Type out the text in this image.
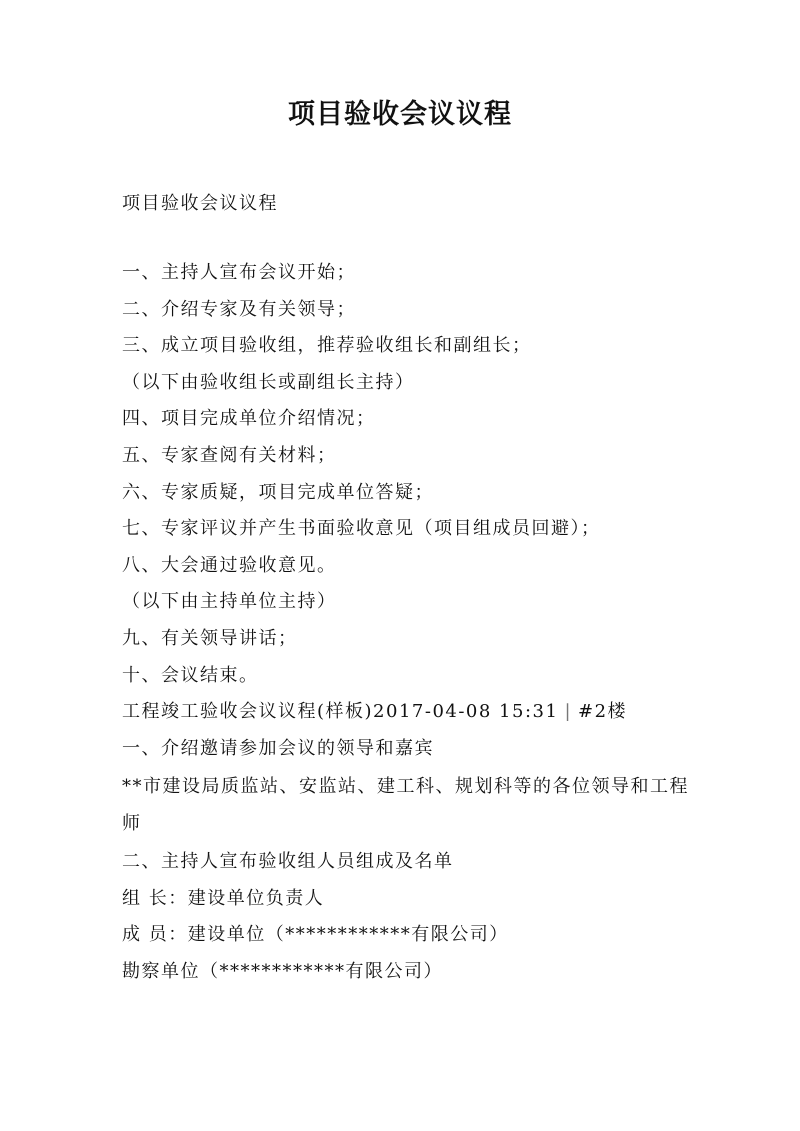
项目验收会议议程
项目验收会议议程
一、主持人宣布会议开始；
二、介绍专家及有关领导；
三、成立项目验收组，推荐验收组长和副组长；
（以下由验收组长或副组长主持）
四、项目完成单位介绍情况；
五、专家查阅有关材料；
六、专家质疑，项目完成单位答疑；
七、专家评议并产生书面验收意见（项目组成员回避）；
八、大会通过验收意见。
（以下由主持单位主持）
九、有关领导讲话；
十、会议结束。
工程竣工验收会议议程(样板)2017-04-08 15:31 | #2楼
一、介绍邀请参加会议的领导和嘉宾
**市建设局质监站、安监站、建工科、规划科等的各位领导和工程师
二、主持人宣布验收组人员组成及名单
组 长：建设单位负责人
成 员：建设单位（************有限公司）
勘察单位（************有限公司）
